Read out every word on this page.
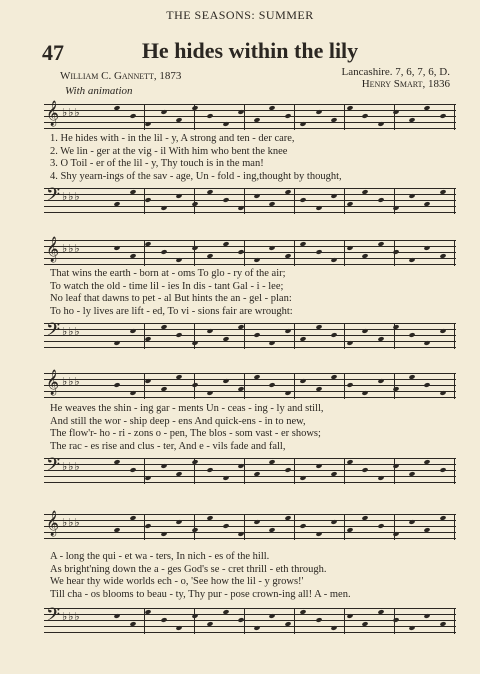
THE SEASONS: SUMMER
47	He hides within the lily
William C. Gannett, 1873	Lancashire. 7, 6, 7, 6, D.
Henry Smart, 1836
With animation
𝄞 ♭♭♭
1. He hides with - in the lil - y, A strong and ten - der care,
2. We lin - ger at the vig - il With him who bent the knee
3. O Toil - er of the lil - y, Thy touch is in the man!
4. Shy yearn-ings of the sav - age, Un - fold - ing,thought by thought,
𝄢 ♭♭♭
𝄞 ♭♭♭
That wins the earth - born at - oms To glo - ry of the air;
To watch the old - time lil - ies In dis - tant Gal - i - lee;
No leaf that dawns to pet - al But hints the an - gel - plan:
To ho - ly lives are lift - ed, To vi - sions fair are wrought:
𝄢 ♭♭♭
𝄞 ♭♭♭
He weaves the shin - ing gar - ments Un - ceas - ing - ly and still,
And still the wor - ship deep - ens And quick-ens - in to new,
The flow'r- ho - ri - zons o - pen, The blos - som vast - er shows;
The rac - es rise and clus - ter, And e - vils fade and fall,
𝄢 ♭♭♭
𝄞 ♭♭♭
A - long the qui - et wa - ters, In nich - es of the hill.
As bright'ning down the a - ges God's se - cret thrill - eth through.
We hear thy wide worlds ech - o, 'See how the lil - y grows!'
Till cha - os blooms to beau - ty, Thy pur - pose crown-ing all! A - men.
𝄢 ♭♭♭
